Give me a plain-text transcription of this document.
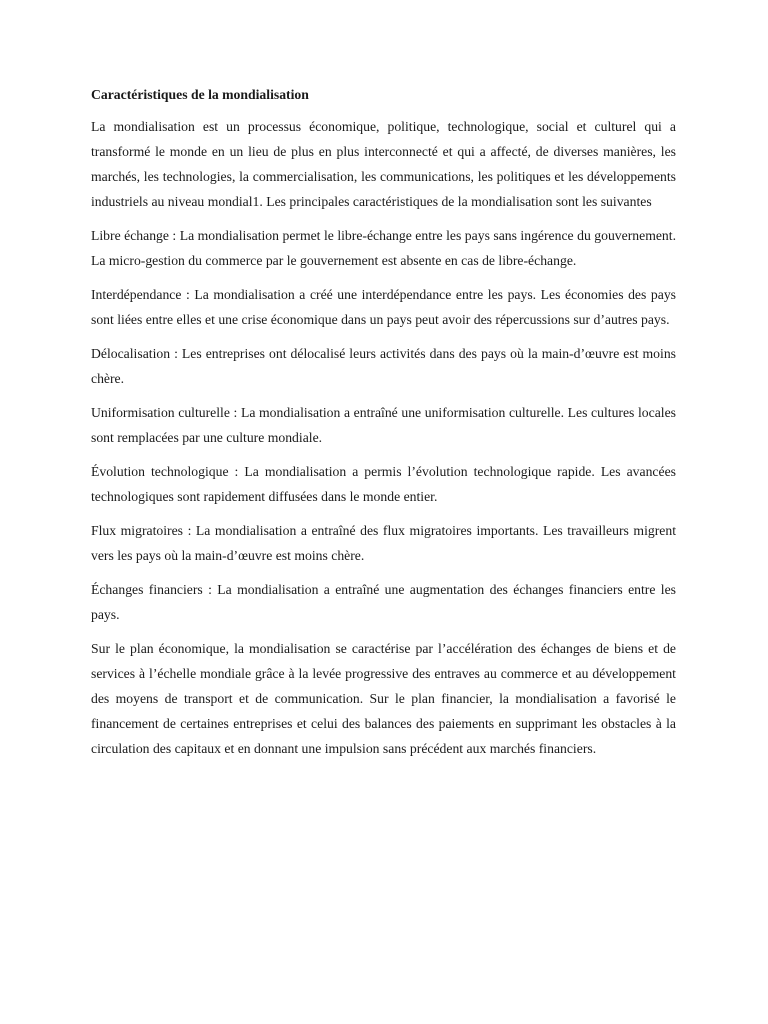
Caractéristiques de la mondialisation

La mondialisation est un processus économique, politique, technologique, social et culturel qui a transformé le monde en un lieu de plus en plus interconnecté et qui a affecté, de diverses manières, les marchés, les technologies, la commercialisation, les communications, les politiques et les développements industriels au niveau mondial1. Les principales caractéristiques de la mondialisation sont les suivantes

Libre échange : La mondialisation permet le libre-échange entre les pays sans ingérence du gouvernement. La micro-gestion du commerce par le gouvernement est absente en cas de libre-échange.

Interdépendance : La mondialisation a créé une interdépendance entre les pays. Les économies des pays sont liées entre elles et une crise économique dans un pays peut avoir des répercussions sur d’autres pays.

Délocalisation : Les entreprises ont délocalisé leurs activités dans des pays où la main-d’œuvre est moins chère.

Uniformisation culturelle : La mondialisation a entraîné une uniformisation culturelle. Les cultures locales sont remplacées par une culture mondiale.

Évolution technologique : La mondialisation a permis l’évolution technologique rapide. Les avancées technologiques sont rapidement diffusées dans le monde entier.

Flux migratoires : La mondialisation a entraîné des flux migratoires importants. Les travailleurs migrent vers les pays où la main-d’œuvre est moins chère.

Échanges financiers : La mondialisation a entraîné une augmentation des échanges financiers entre les pays.

Sur le plan économique, la mondialisation se caractérise par l’accélération des échanges de biens et de services à l’échelle mondiale grâce à la levée progressive des entraves au commerce et au développement des moyens de transport et de communication. Sur le plan financier, la mondialisation a favorisé le financement de certaines entreprises et celui des balances des paiements en supprimant les obstacles à la circulation des capitaux et en donnant une impulsion sans précédent aux marchés financiers.
